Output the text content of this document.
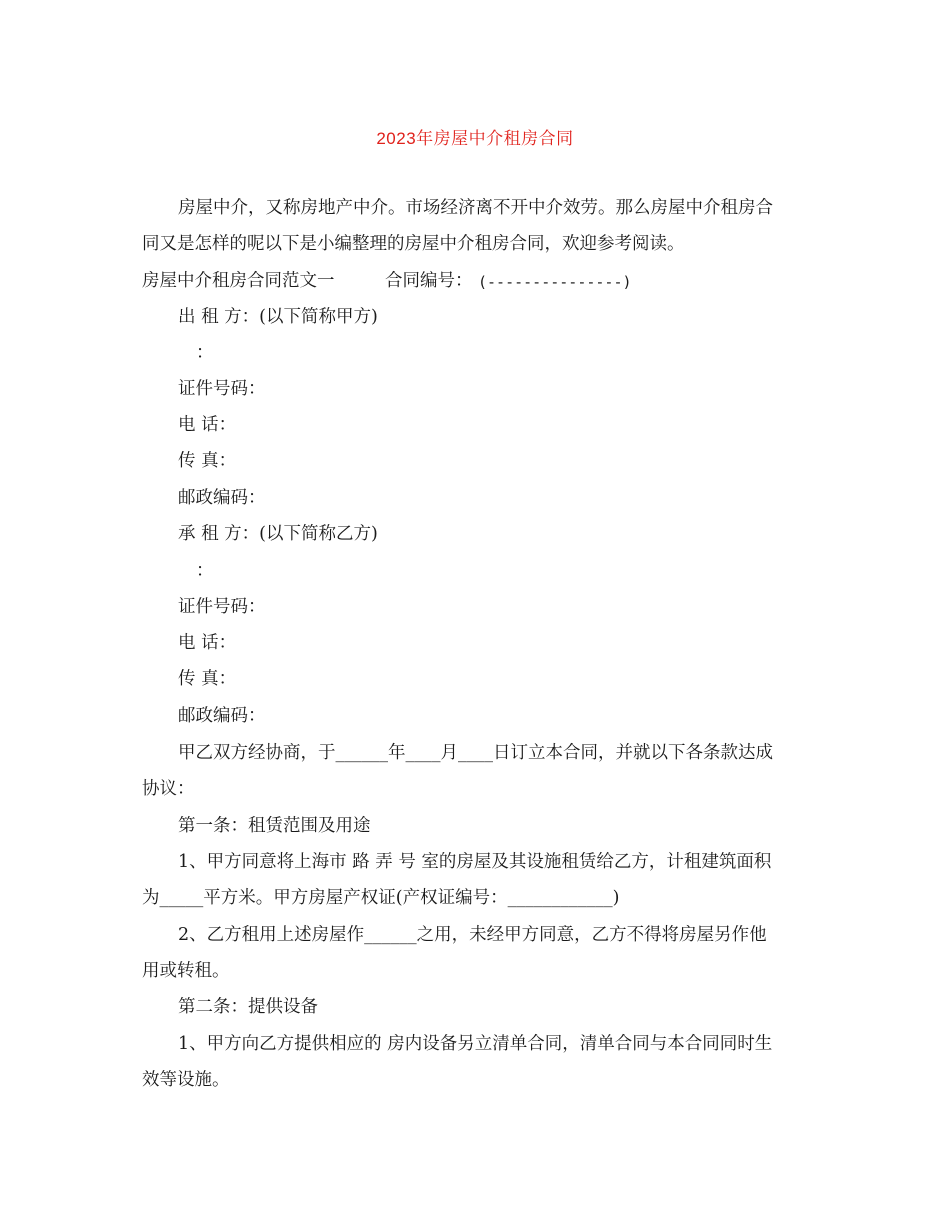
2023年房屋中介租房合同
房屋中介，又称房地产中介。市场经济离不开中介效劳。那么房屋中介租房合
同又是怎样的呢以下是小编整理的房屋中介租房合同，欢迎参考阅读。
房屋中介租房合同范文一	合同编号： (---------------)
出 租 方：(以下简称甲方)
：
证件号码：
电 话：
传 真：
邮政编码：
承 租 方：(以下简称乙方)
：
证件号码：
电 话：
传 真：
邮政编码：
甲乙双方经协商，于______年____月____日订立本合同，并就以下各条款达成
协议：
第一条：租赁范围及用途
1、甲方同意将上海市 路 弄 号 室的房屋及其设施租赁给乙方，计租建筑面积
为_____平方米。甲方房屋产权证(产权证编号：____________)
2、乙方租用上述房屋作______之用，未经甲方同意，乙方不得将房屋另作他
用或转租。
第二条：提供设备
1、甲方向乙方提供相应的 房内设备另立清单合同，清单合同与本合同同时生
效等设施。
